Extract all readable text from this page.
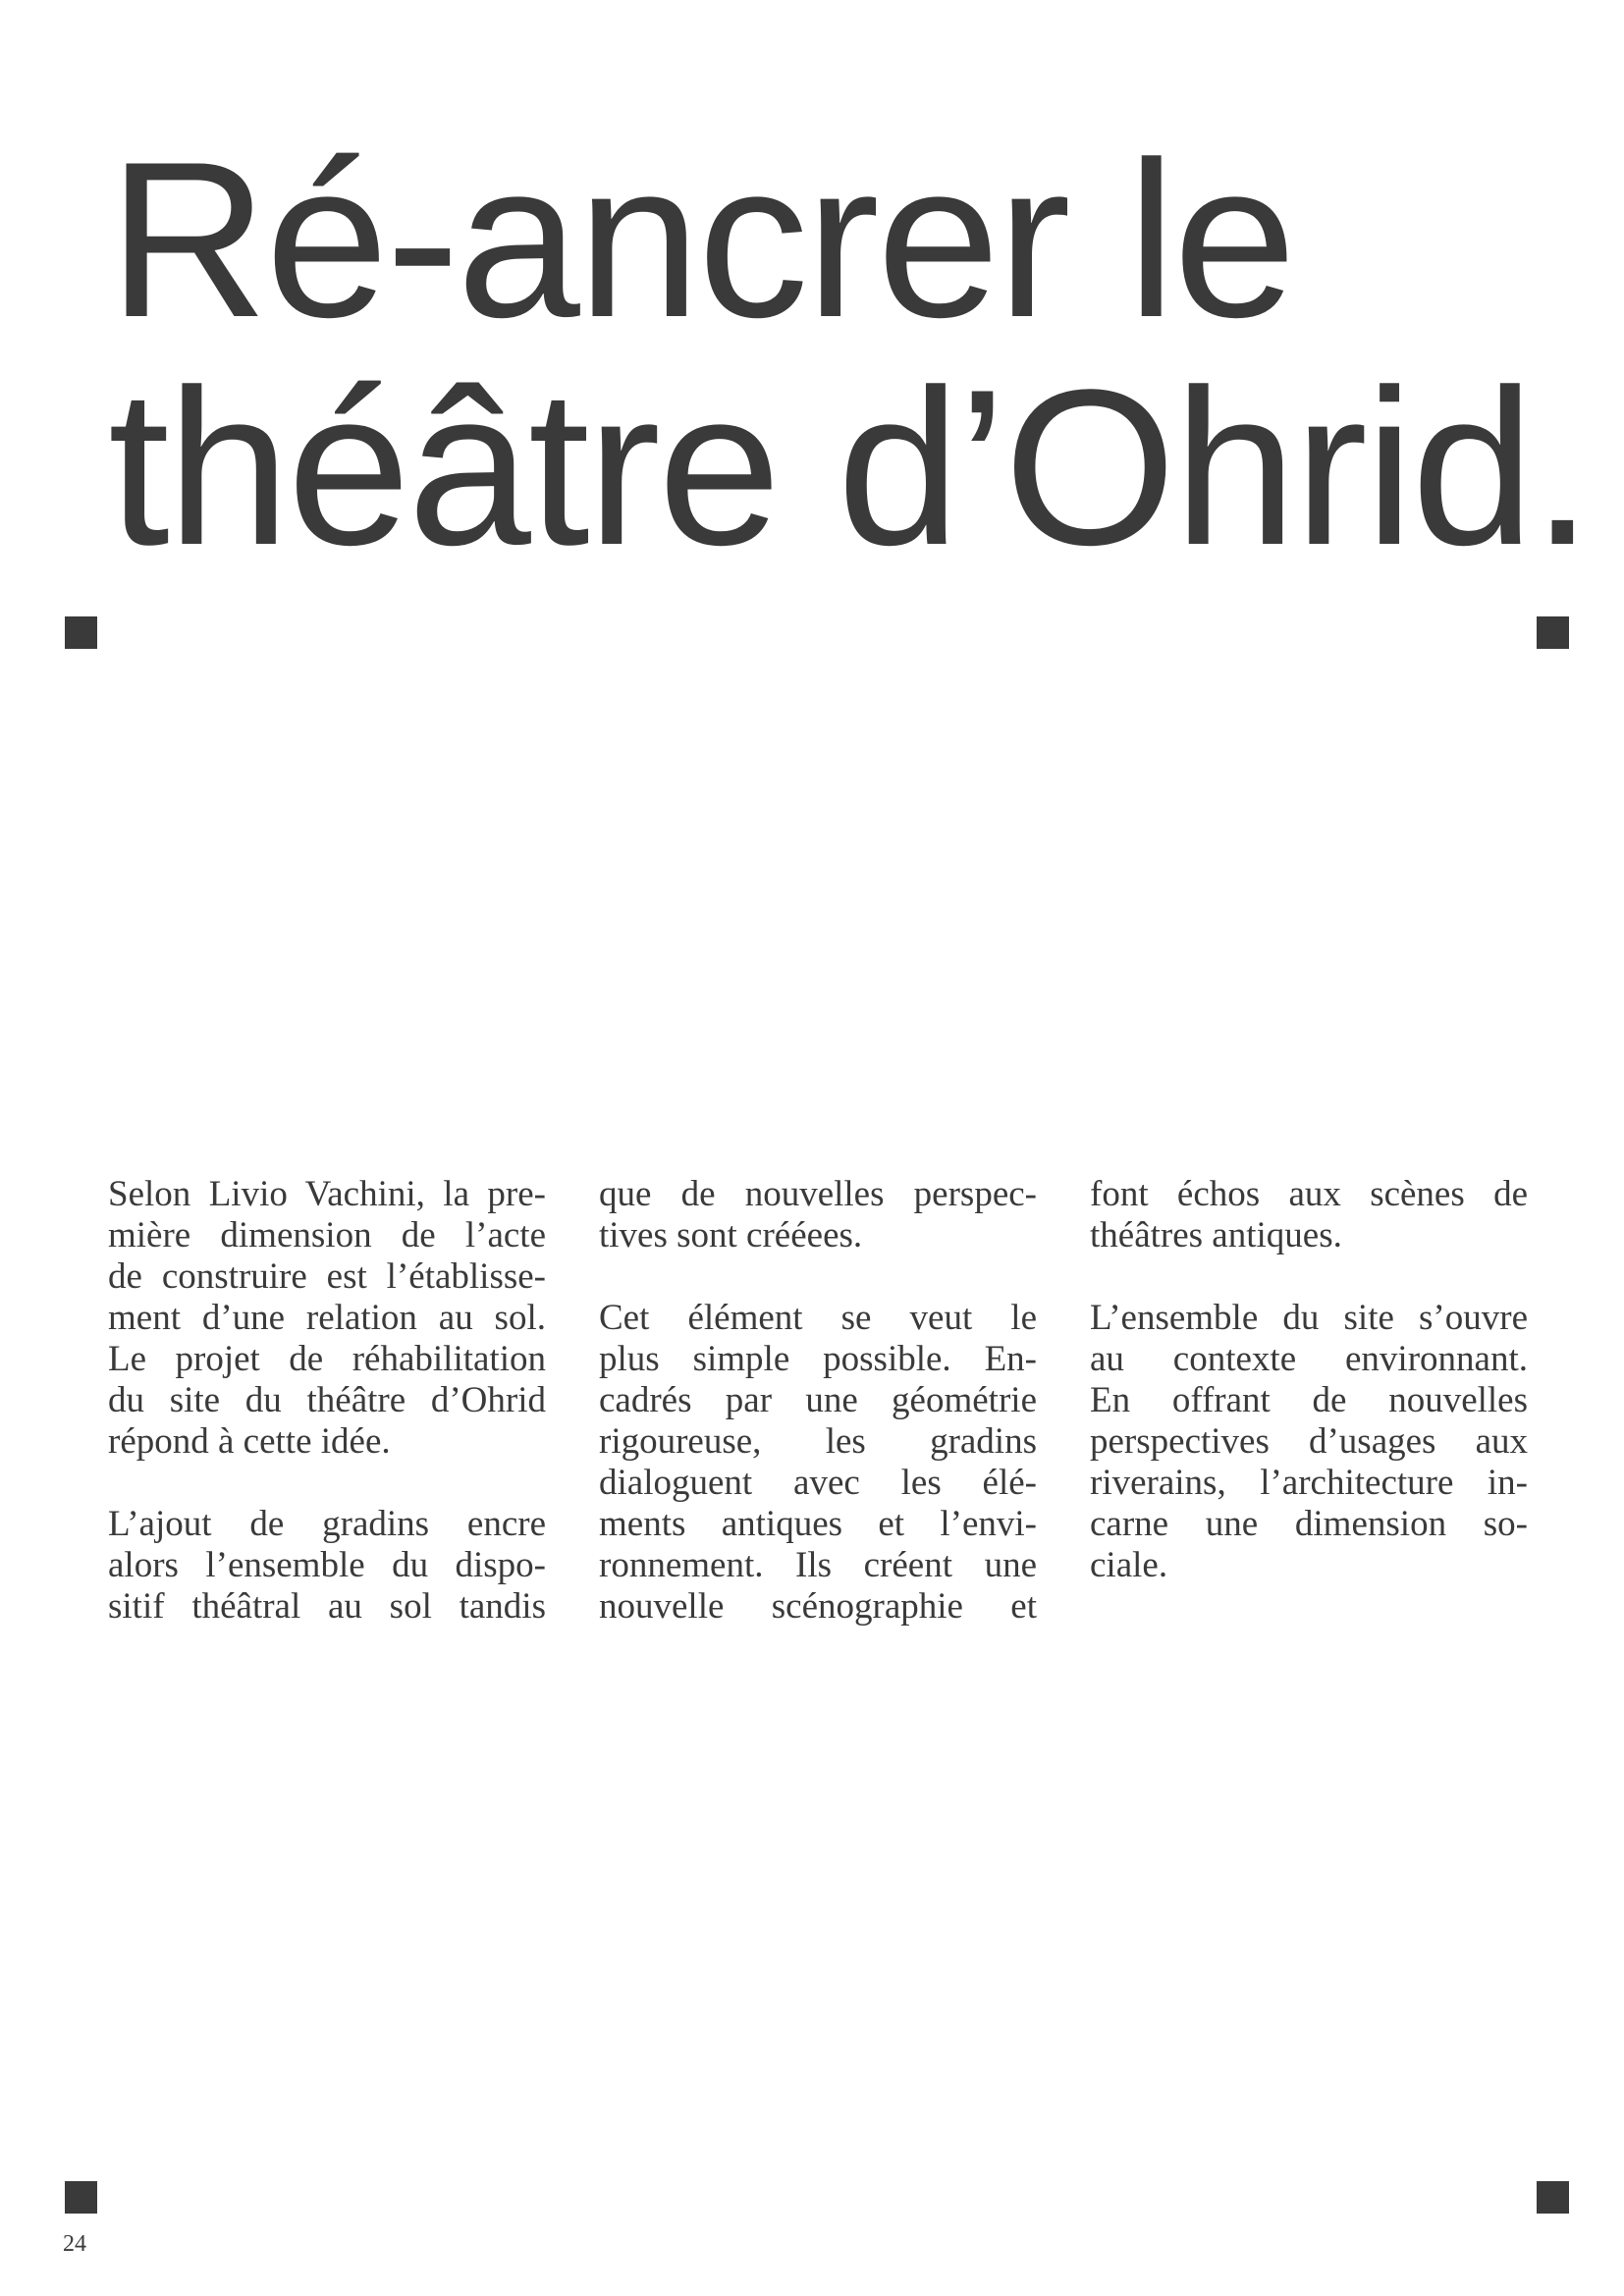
Ré-ancrer le
théâtre d’Ohrid.

Selon Livio Vachini, la pre-
mière dimension de l’acte
de construire est l’établisse-
ment d’une relation au sol.
Le projet de réhabilitation
du site du théâtre d’Ohrid
répond à cette idée.

L’ajout de gradins encre
alors l’ensemble du dispo-
sitif théâtral au sol tandis

que de nouvelles perspec-
tives sont crééees.

Cet élément se veut le
plus simple possible. En-
cadrés par une géométrie
rigoureuse, les gradins
dialoguent avec les élé-
ments antiques et l’envi-
ronnement. Ils créent une
nouvelle scénographie et

font échos aux scènes de
théâtres antiques.

L’ensemble du site s’ouvre
au contexte environnant.
En offrant de nouvelles
perspectives d’usages aux
riverains, l’architecture in-
carne une dimension so-
ciale.

24
